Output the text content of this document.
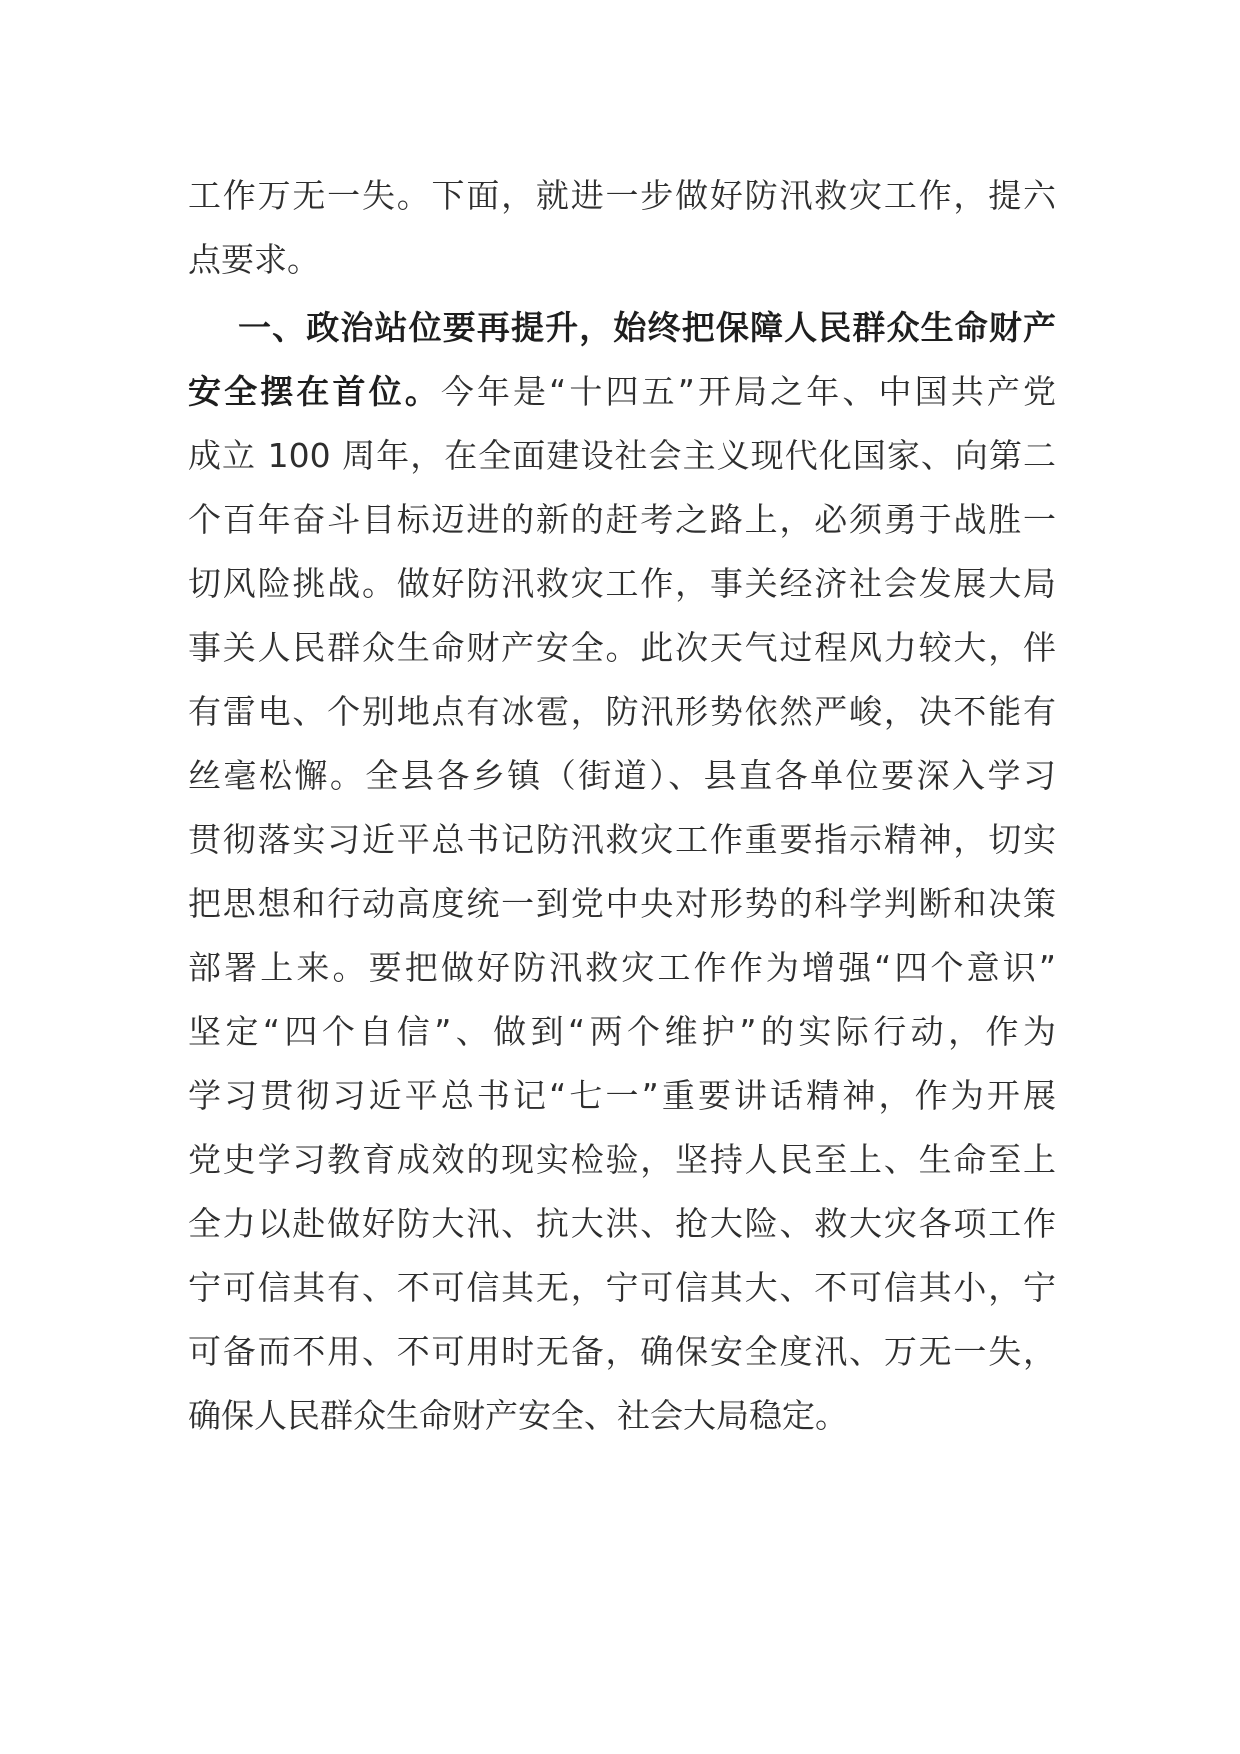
工作万无一失。下面，就进一步做好防汛救灾工作，提六
点要求。
一、政治站位要再提升，始终把保障人民群众生命财产
安全摆在首位。今年是“十四五”开局之年、中国共产党
成立 100 周年，在全面建设社会主义现代化国家、向第二
个百年奋斗目标迈进的新的赶考之路上，必须勇于战胜一
切风险挑战。做好防汛救灾工作，事关经济社会发展大局
事关人民群众生命财产安全。此次天气过程风力较大，伴
有雷电、个别地点有冰雹，防汛形势依然严峻，决不能有
丝毫松懈。全县各乡镇（街道）、县直各单位要深入学习
贯彻落实习近平总书记防汛救灾工作重要指示精神，切实
把思想和行动高度统一到党中央对形势的科学判断和决策
部署上来。要把做好防汛救灾工作作为增强“四个意识”
坚定“四个自信”、做到“两个维护”的实际行动，作为
学习贯彻习近平总书记“七一”重要讲话精神，作为开展
党史学习教育成效的现实检验，坚持人民至上、生命至上
全力以赴做好防大汛、抗大洪、抢大险、救大灾各项工作
宁可信其有、不可信其无，宁可信其大、不可信其小，宁
可备而不用、不可用时无备，确保安全度汛、万无一失，
确保人民群众生命财产安全、社会大局稳定。
